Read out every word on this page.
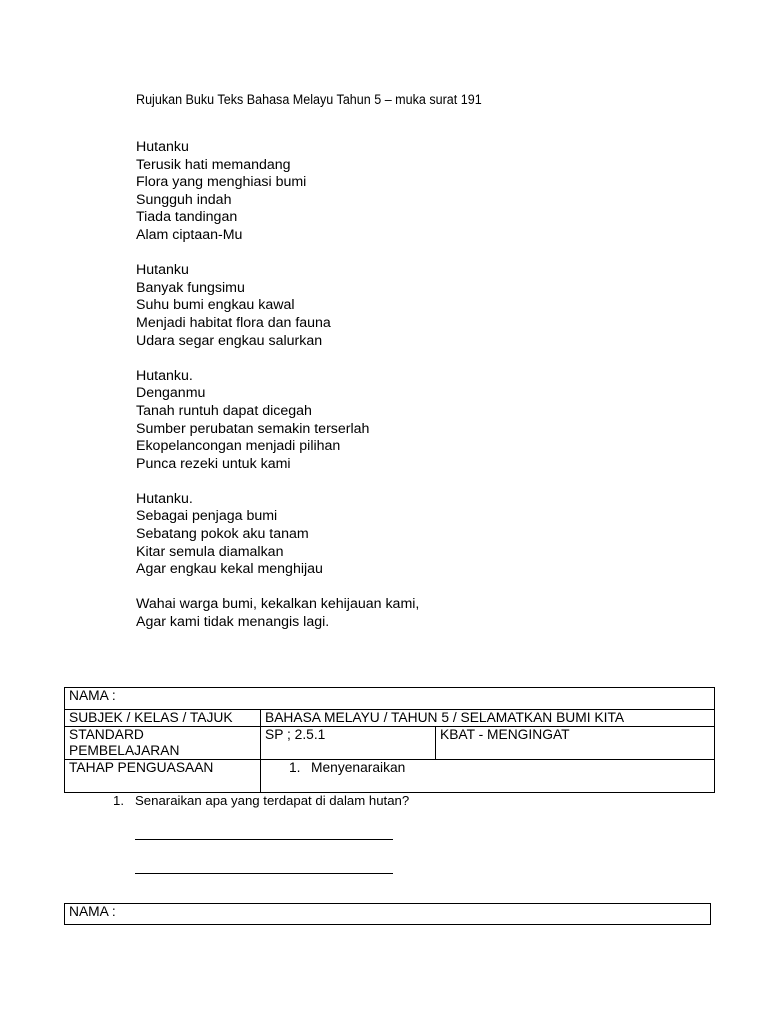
Rujukan Buku Teks Bahasa Melayu Tahun 5 – muka surat 191
Hutanku
Terusik hati memandang
Flora yang menghiasi bumi
Sungguh indah
Tiada tandingan
Alam ciptaan-Mu
Hutanku
Banyak fungsimu
Suhu bumi engkau kawal
Menjadi habitat flora dan fauna
Udara segar engkau salurkan
Hutanku.
Denganmu
Tanah runtuh dapat dicegah
Sumber perubatan semakin terserlah
Ekopelancongan menjadi pilihan
Punca rezeki untuk kami
Hutanku.
Sebagai penjaga bumi
Sebatang pokok aku tanam
Kitar semula diamalkan
Agar engkau kekal menghijau
Wahai warga bumi, kekalkan kehijauan kami,
Agar kami tidak menangis lagi.
NAMA :		
SUBJEK / KELAS / TAJUK	BAHASA MELAYU / TAHUN 5 / SELAMATKAN BUMI KITA	
STANDARD PEMBELAJARAN	SP ; 2.5.1	KBAT - MENGINGAT
TAHAP PENGUASAAN	1. Menyenaraikan	
1. Senaraikan apa yang terdapat di dalam hutan?
NAMA :
